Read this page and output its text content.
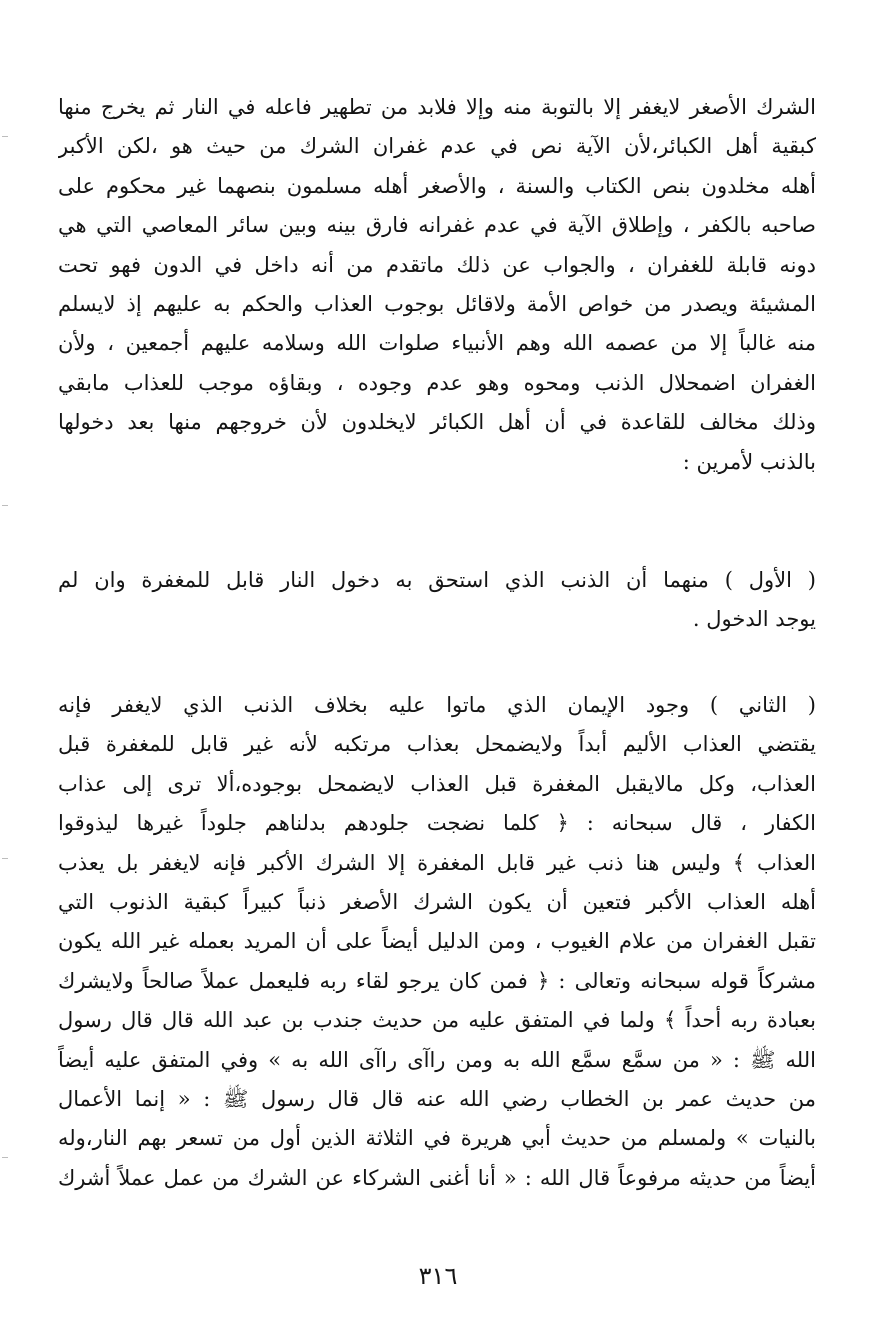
الشرك الأصغر لايغفر إلا بالتوبة منه وإلا فلابد من تطهير فاعله في النار ثم يخرج منها
كبقية أهل الكبائر،لأن الآية نص في عدم غفران الشرك من حيث هو ،لكن الأكبر
أهله مخلدون بنص الكتاب والسنة ، والأصغر أهله مسلمون بنصهما غير محكوم على
صاحبه بالكفر ، وإطلاق الآية في عدم غفرانه فارق بينه وبين سائر المعاصي التي هي
دونه قابلة للغفران ، والجواب عن ذلك ماتقدم من أنه داخل في الدون فهو تحت
المشيئة ويصدر من خواص الأمة ولاقائل بوجوب العذاب والحكم به عليهم إذ لايسلم
منه غالباً إلا من عصمه الله وهم الأنبياء صلوات الله وسلامه عليهم أجمعين ، ولأن
الغفران اضمحلال الذنب ومحوه وهو عدم وجوده ، وبقاؤه موجب للعذاب مابقي
وذلك مخالف للقاعدة في أن أهل الكبائر لايخلدون لأن خروجهم منها بعد دخولها
بالذنب لأمرين :
( الأول ) منهما أن الذنب الذي استحق به دخول النار قابل للمغفرة وان لم
يوجد الدخول .
( الثاني ) وجود الإيمان الذي ماتوا عليه بخلاف الذنب الذي لايغفر فإنه
يقتضي العذاب الأليم أبداً ولايضمحل بعذاب مرتكبه لأنه غير قابل للمغفرة قبل
العذاب، وكل مالايقبل المغفرة قبل العذاب لايضمحل بوجوده،ألا ترى إلى عذاب
الكفار ، قال سبحانه : ﴿ كلما نضجت جلودهم بدلناهم جلوداً غيرها ليذوقوا
العذاب ﴾ وليس هنا ذنب غير قابل المغفرة إلا الشرك الأكبر فإنه لايغفر بل يعذب
أهله العذاب الأكبر فتعين أن يكون الشرك الأصغر ذنباً كبيراً كبقية الذنوب التي
تقبل الغفران من علام الغيوب ، ومن الدليل أيضاً على أن المريد بعمله غير الله يكون
مشركاً قوله سبحانه وتعالى : ﴿ فمن كان يرجو لقاء ربه فليعمل عملاً صالحاً ولايشرك
بعبادة ربه أحداً ﴾ ولما في المتفق عليه من حديث جندب بن عبد الله قال قال رسول
الله ﷺ : « من سمَّع سمَّع الله به ومن راآى راآى الله به » وفي المتفق عليه أيضاً
من حديث عمر بن الخطاب رضي الله عنه قال قال رسول ﷺ : « إنما الأعمال
بالنيات » ولمسلم من حديث أبي هريرة في الثلاثة الذين أول من تسعر بهم النار،وله
أيضاً من حديثه مرفوعاً قال الله : « أنا أغنى الشركاء عن الشرك من عمل عملاً أشرك
٣١٦
